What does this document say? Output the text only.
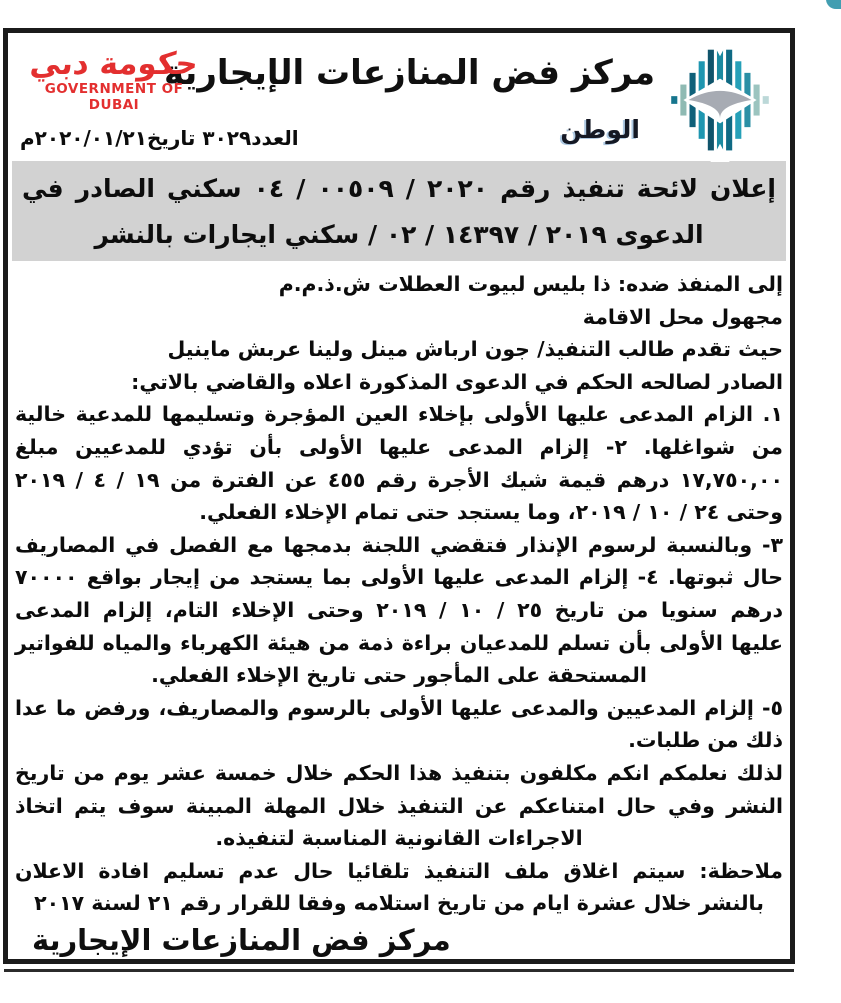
مركز فض المنازعات الإيجارية
الوطن
حكومة دبي
GOVERNMENT OF DUBAI
العدد٣٠٢٩ تاريخ٢٠٢٠/٠١/٢١م
إعلان لائحة تنفيذ رقم ٢٠٢٠ / ٠٠٥٠٩ / ٠٤ سكني الصادر في
الدعوى ٢٠١٩ / ١٤٣٩٧ / ٠٢ / سكني ايجارات بالنشر
إلى المنفذ ضده: ذا بليس لبيوت العطلات ش.ذ.م.م
مجهول محل الاقامة
حيث تقدم طالب التنفيذ/ جون ارباش مينل ولينا عربش ماينيل
الصادر لصالحه الحكم في الدعوى المذكورة اعلاه والقاضي بالاتي:
١. الزام المدعى عليها الأولى بإخلاء العين المؤجرة وتسليمها للمدعية خالية
من شواغلها. ٢- إلزام المدعى عليها الأولى بأن تؤدي للمدعيين مبلغ
١٧,٧٥٠,٠٠ درهم قيمة شيك الأجرة رقم ٤٥٥ عن الفترة من ١٩ / ٤ / ٢٠١٩
وحتى ٢٤ / ١٠ / ٢٠١٩، وما يستجد حتى تمام الإخلاء الفعلي.
٣- وبالنسبة لرسوم الإنذار فتقضي اللجنة بدمجها مع الفصل في المصاريف
حال ثبوتها. ٤- إلزام المدعى عليها الأولى بما يستجد من إيجار بواقع ٧٠٠٠٠
درهم سنويا من تاريخ ٢٥ / ١٠ / ٢٠١٩ وحتى الإخلاء التام، إلزام المدعى
عليها الأولى بأن تسلم للمدعيان براءة ذمة من هيئة الكهرباء والمياه للفواتير
المستحقة على المأجور حتى تاريخ الإخلاء الفعلي.
٥- إلزام المدعيين والمدعى عليها الأولى بالرسوم والمصاريف، ورفض ما عدا
ذلك من طلبات.
لذلك نعلمكم انكم مكلفون بتنفيذ هذا الحكم خلال خمسة عشر يوم من تاريخ
النشر وفي حال امتناعكم عن التنفيذ خلال المهلة المبينة سوف يتم اتخاذ
الاجراءات القانونية المناسبة لتنفيذه.
ملاحظة: سيتم اغلاق ملف التنفيذ تلقائيا حال عدم تسليم افادة الاعلان
بالنشر خلال عشرة ايام من تاريخ استلامه وفقا للقرار رقم ٢١ لسنة ٢٠١٧
مركز فض المنازعات الإيجارية
